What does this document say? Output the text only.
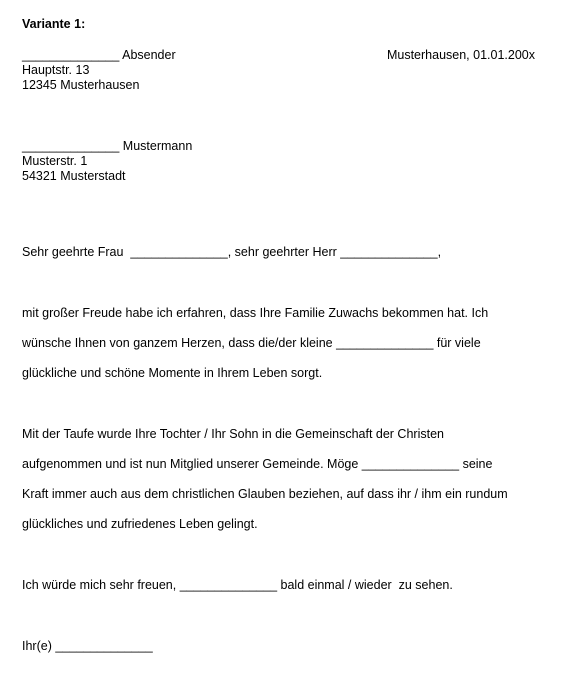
Variante 1:
______________ Absender	Musterhausen, 01.01.200x
Hauptstr. 13
12345 Musterhausen
______________ Mustermann
Musterstr. 1
54321 Musterstadt
Sehr geehrte Frau  ______________, sehr geehrter Herr ______________,
mit großer Freude habe ich erfahren, dass Ihre Familie Zuwachs bekommen hat. Ich
wünsche Ihnen von ganzem Herzen, dass die/der kleine ______________ für viele
glückliche und schöne Momente in Ihrem Leben sorgt.
Mit der Taufe wurde Ihre Tochter / Ihr Sohn in die Gemeinschaft der Christen
aufgenommen und ist nun Mitglied unserer Gemeinde. Möge ______________ seine
Kraft immer auch aus dem christlichen Glauben beziehen, auf dass ihr / ihm ein rundum
glückliches und zufriedenes Leben gelingt.
Ich würde mich sehr freuen, ______________ bald einmal / wieder  zu sehen.
Ihr(e) ______________
